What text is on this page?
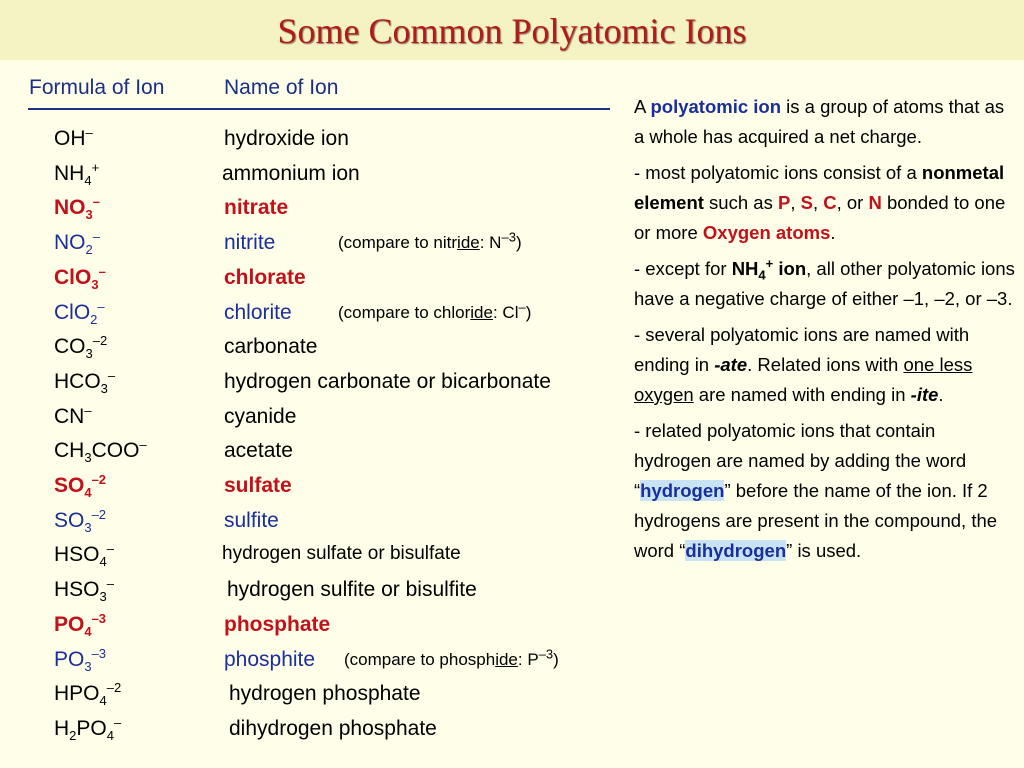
Some Common Polyatomic Ions
Formula of Ion	Name of Ion
OH–	hydroxide ion
$NH_4^+$	ammonium ion
$NO_3^-$	nitrate
$NO_2^-$	nitrite	(compare to nitride: $N^{-3}$)
ClO$_3$–	chlorate
ClO$_2$–	chlorite	(compare to chloride: Cl–)
$CO_3^{-2}$	carbonate
$HCO_3^-$	hydrogen carbonate or bicarbonate
CN–	cyanide
$CH_3COO^-$	acetate
$SO_4^{-2}$	sulfate
$SO_3^{-2}$	sulfite
$HSO_4^-$	hydrogen sulfate or bisulfate
$HSO_3^-$	hydrogen sulfite or bisulfite
$PO_4^{-3}$	phosphate
$PO_3^{-3}$	phosphite (compare to phosphide: $P^{-3}$)
$HPO_4^{-2}$	hydrogen phosphate
$H_2PO_4^-$	dihydrogen phosphate

A polyatomic ion is a group of atoms that as a whole has acquired a net charge.

- most polyatomic ions consist of a nonmetal element such as P, S, C, or N bonded to one or more Oxygen atoms.

- except for $NH_4^+$ ion, all other polyatomic ions have a negative charge of either –1, –2, or –3.

- several polyatomic ions are named with ending in -ate. Related ions with one less oxygen are named with ending in -ite.

- related polyatomic ions that contain hydrogen are named by adding the word “hydrogen” before the name of the ion. If 2 hydrogens are present in the compound, the word “dihydrogen” is used.
